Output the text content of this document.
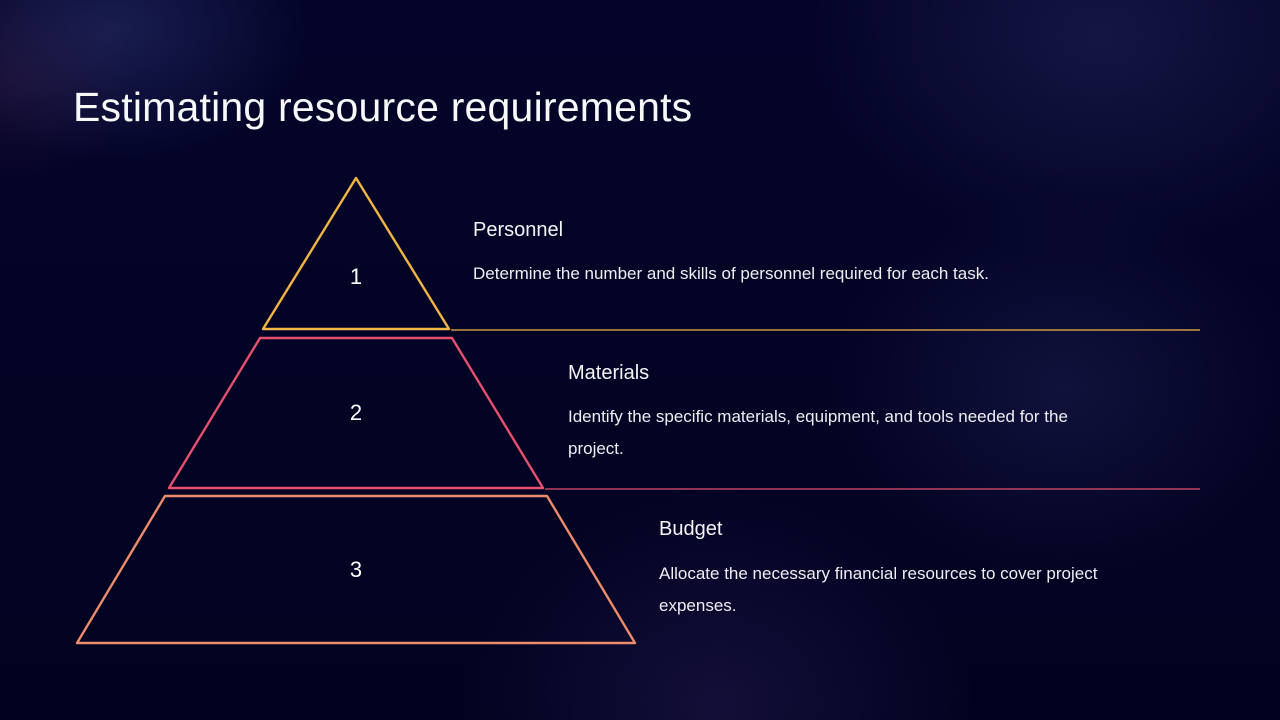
Estimating resource requirements
1
2
3
Personnel
Determine the number and skills of personnel required for each task.
Materials
Identify the specific materials, equipment, and tools needed for the
project.
Budget
Allocate the necessary financial resources to cover project
expenses.
